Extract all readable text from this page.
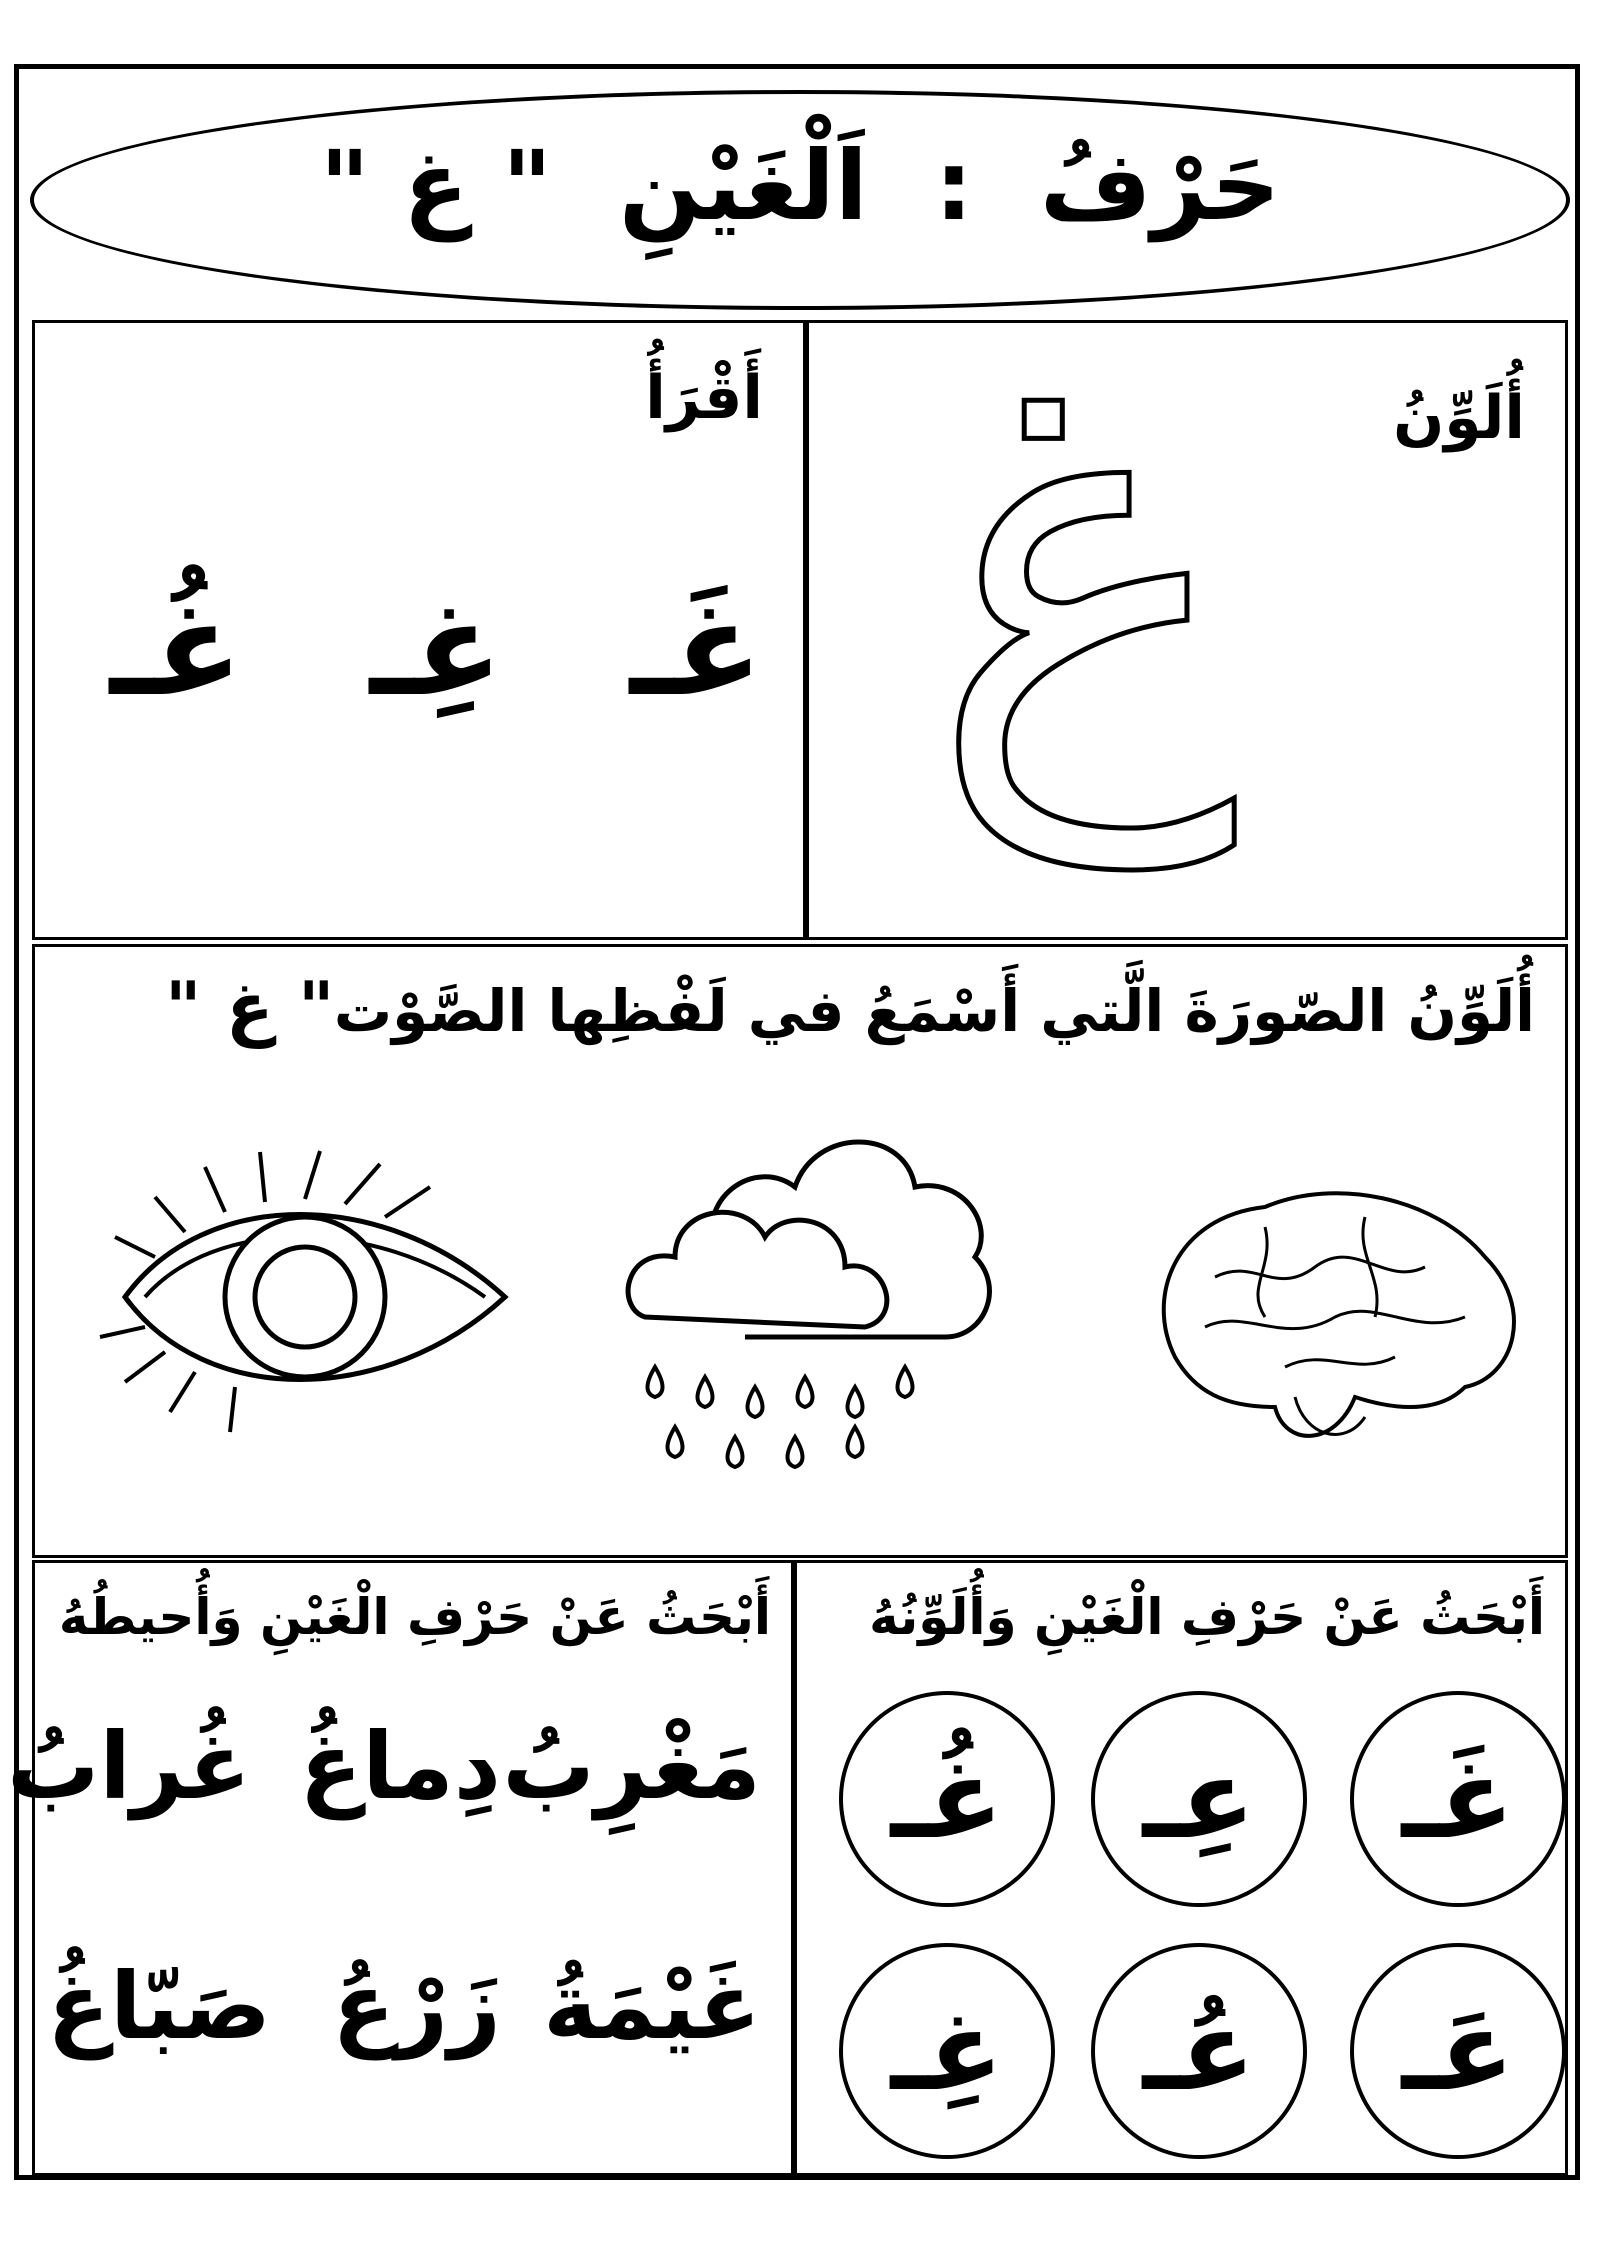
حَرْفُ  :  اَلْغَيْنِ  " غ "
أَقْرَأُ
غَـ
غِـ
غُـ
أُلَوِّنُ
غ
أُلَوِّنُ الصّورَةَ الَّتي أَسْمَعُ في لَفْظِها الصَّوْت
" غ "
أَبْحَثُ عَنْ حَرْفِ الْغَيْنِ وَأُحيطُهُ
مَغْرِبُ
دِماغُ
غُرابُ
غَيْمَةُ
زَرْعُ
صَبّاغُ
أَبْحَثُ عَنْ حَرْفِ الْغَيْنِ وَأُلَوِّنُهُ
غَـ
عِـ
غُـ
عَـ
عُـ
غِـ
